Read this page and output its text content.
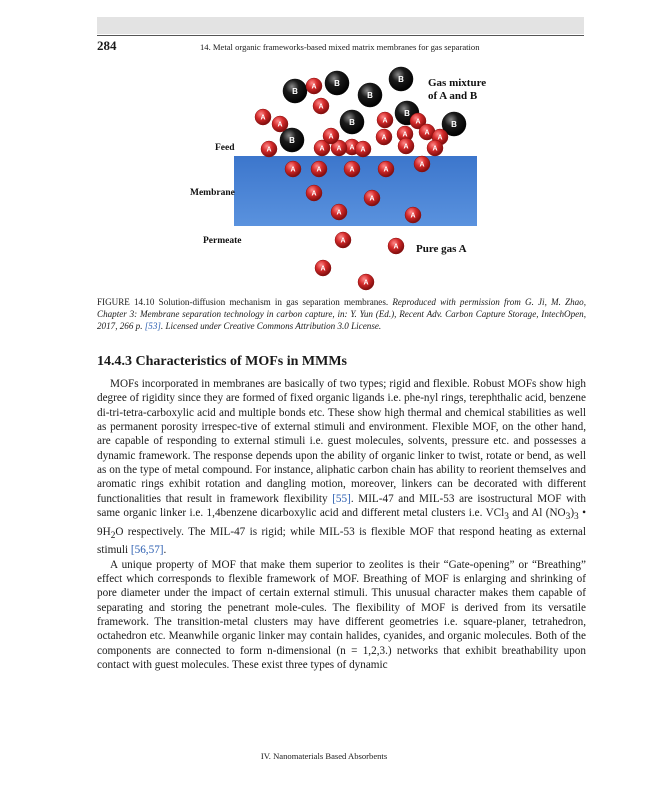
284	14. Metal organic frameworks-based mixed matrix membranes for gas separation
B
B
B
B
B
B
B
B
A
A
A
A
A	A
A
A
A A	A
A
A A
A
A
A
A
A	A	A	A
A
A
A
A	A
A
A
A
A
Gas mixture
of A and B
Feed
Membrane
Permeate
Pure gas A
FIGURE 14.10 Solution-diffusion mechanism in gas separation membranes. Reproduced with permission from G. Ji, M. Zhao, Chapter 3: Membrane separation technology in carbon capture, in: Y. Yun (Ed.), Recent Adv. Carbon Capture Storage, IntechOpen, 2017, 266 p. [53]. Licensed under Creative Commons Attribution 3.0 License.
14.4.3 Characteristics of MOFs in MMMs

MOFs incorporated in membranes are basically of two types; rigid and flexible. Robust MOFs show high degree of rigidity since they are formed of fixed organic ligands i.e. phe-nyl rings, terephthalic acid, benzene di-tri-tetra-carboxylic acid and multiple bonds etc. These show high thermal and chemical stabilities as well as permanent porosity irrespec-tive of external stimuli and environment. Flexible MOF, on the other hand, are capable of responding to external stimuli i.e. guest molecules, solvents, pressure etc. and possesses a dynamic framework. The response depends upon the ability of organic linker to twist, rotate or bend, as well as on the type of metal compound. For instance, aliphatic carbon chain has ability to reorient themselves and aromatic rings exhibit rotation and dangling motion, moreover, linkers can be decorated with different functionalities that result in framework flexibility [55]. MIL-47 and MIL-53 are isostructural MOF with same organic linker i.e. 1,4benzene dicarboxylic acid and different metal clusters i.e. VCl$_3$ and Al $(NO_3)_3$ • $9H_2O$ respectively. The MIL-47 is rigid; while MIL-53 is flexible MOF that respond heating as external stimuli [56,57].

A unique property of MOF that make them superior to zeolites is their “Gate-opening” or “Breathing” effect which corresponds to flexible framework of MOF. Breathing of MOF is enlarging and shrinking of pore diameter under the impact of certain external stimuli. This unusual character makes them capable of separating and storing the penetrant mole-cules. The flexibility of MOF is derived from its versatile framework. The transition-metal clusters may have different geometries i.e. square-planer, tetrahedron, octahedron etc. Meanwhile organic linker may contain halides, cyanides, and organic molecules. Both of the components are connected to form n-dimensional (n = 1,2,3.) networks that exhibit breathability upon contact with guest molecules. These exist three types of dynamic

IV. Nanomaterials Based Absorbents
